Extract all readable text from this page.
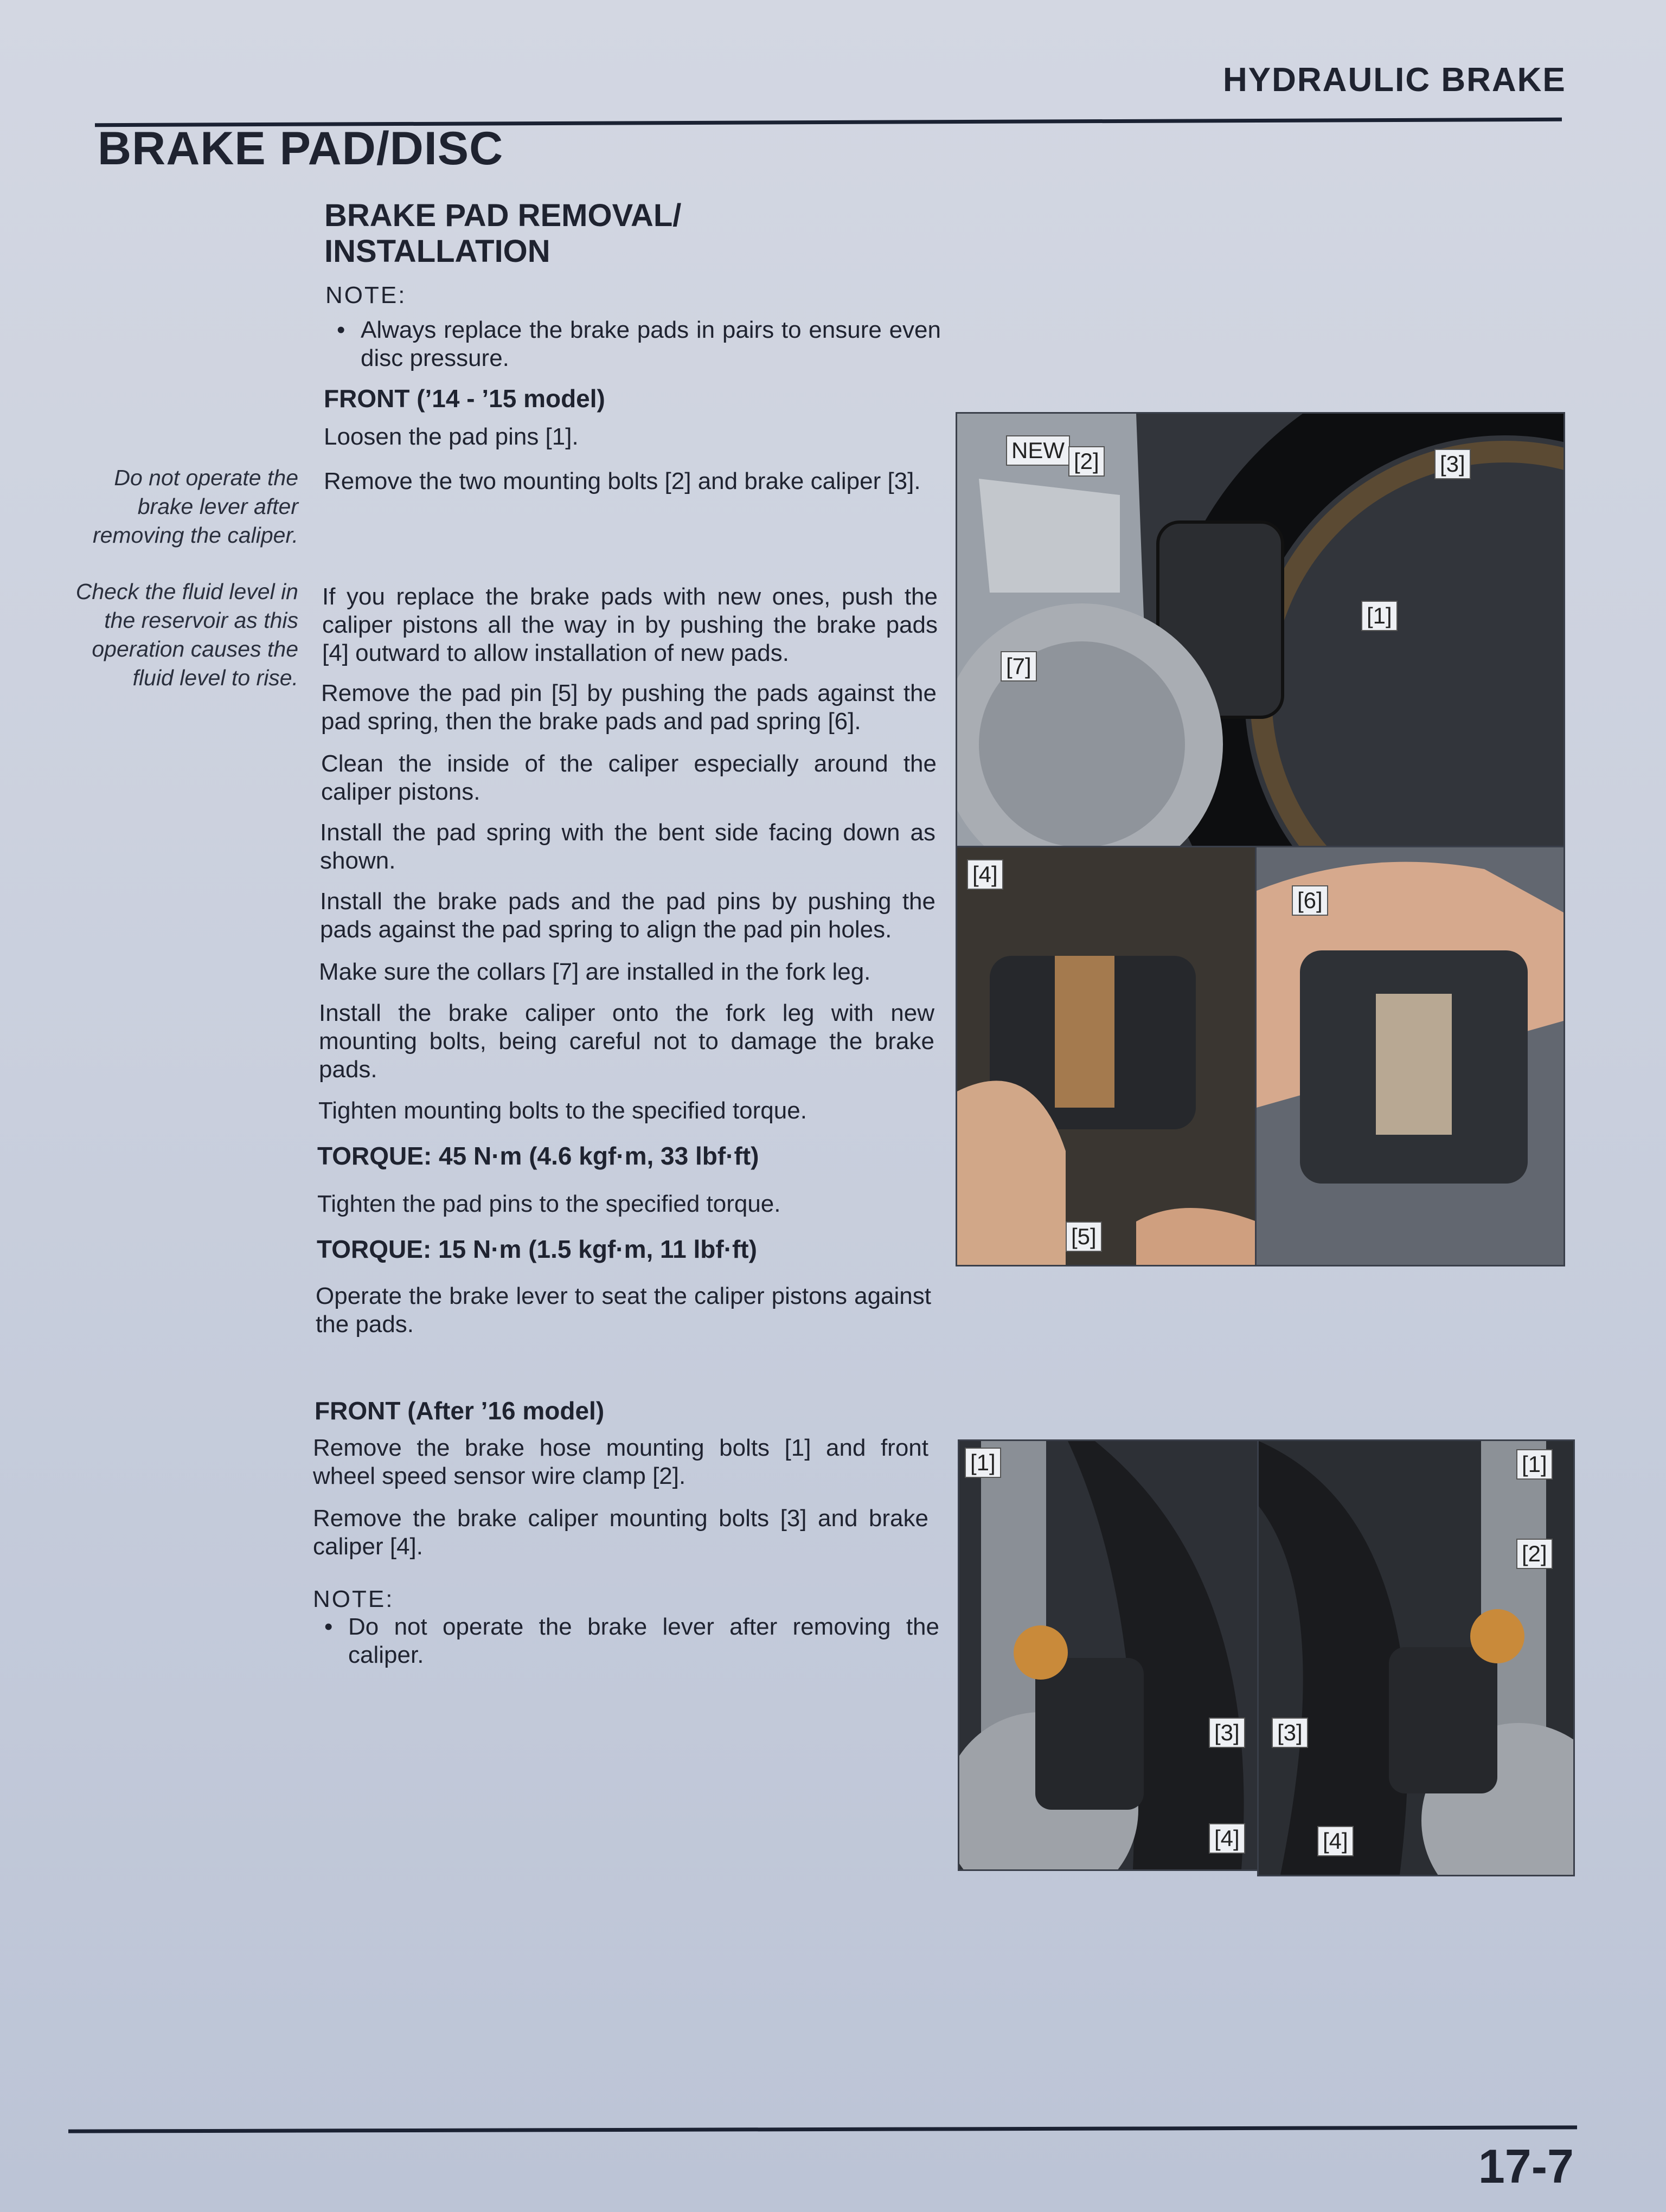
HYDRAULIC BRAKE
BRAKE PAD/DISC
BRAKE PAD REMOVAL/
INSTALLATION
NOTE:
• Always replace the brake pads in pairs to ensure even disc pressure.
FRONT (’14 - ’15 model)
Loosen the pad pins [1].
Remove the two mounting bolts [2] and brake caliper [3].
If you replace the brake pads with new ones, push the caliper pistons all the way in by pushing the brake pads [4] outward to allow installation of new pads.
Remove the pad pin [5] by pushing the pads against the pad spring, then the brake pads and pad spring [6].
Clean the inside of the caliper especially around the caliper pistons.
Install the pad spring with the bent side facing down as shown.
Install the brake pads and the pad pins by pushing the pads against the pad spring to align the pad pin holes.
Make sure the collars [7] are installed in the fork leg.
Install the brake caliper onto the fork leg with new mounting bolts, being careful not to damage the brake pads.
Tighten mounting bolts to the specified torque.
TORQUE: 45 N·m (4.6 kgf·m, 33 lbf·ft)
Tighten the pad pins to the specified torque.
TORQUE: 15 N·m (1.5 kgf·m, 11 lbf·ft)
Operate the brake lever to seat the caliper pistons against the pads.
Do not operate the brake lever after removing the caliper.
Check the fluid level in the reservoir as this operation causes the fluid level to rise.
FRONT (After ’16 model)
Remove the brake hose mounting bolts [1] and front wheel speed sensor wire clamp [2].
Remove the brake caliper mounting bolts [3] and brake caliper [4].
NOTE:
• Do not operate the brake lever after removing the caliper.
NEW [2]	[3]
[1]
[7]
[4]
[5]
[6]
[1]
[3]
[4]
[1]
[2]
[3]
[4]
17-7
